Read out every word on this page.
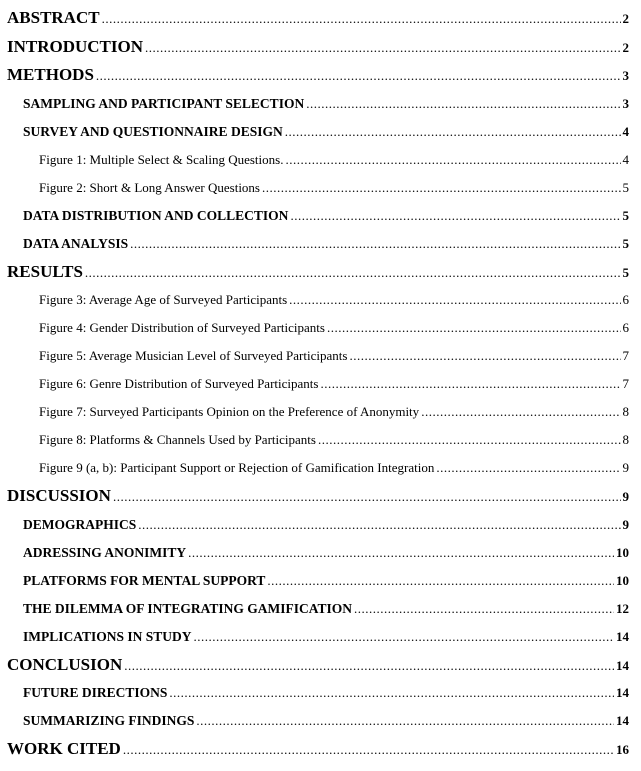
ABSTRACT .....	2
INTRODUCTION .....	2
METHODS .....	3
SAMPLING AND PARTICIPANT SELECTION .....	3
SURVEY AND QUESTIONNAIRE DESIGN .....	4
Figure 1: Multiple Select & Scaling Questions. .....	4
Figure 2: Short & Long Answer Questions .....	5
DATA DISTRIBUTION AND COLLECTION .....	5
DATA ANALYSIS .....	5
RESULTS .....	5
Figure 3: Average Age of Surveyed Participants .....	6
Figure 4: Gender Distribution of Surveyed Participants .....	6
Figure 5: Average Musician Level of Surveyed Participants .....	7
Figure 6: Genre Distribution of Surveyed Participants .....	7
Figure 7: Surveyed Participants Opinion on the Preference of Anonymity .....	8
Figure 8: Platforms & Channels Used by Participants .....	8
Figure 9 (a, b): Participant Support or Rejection of Gamification Integration .....	9
DISCUSSION .....	9
DEMOGRAPHICS .....	9
ADRESSING ANONIMITY .....	10
PLATFORMS FOR MENTAL SUPPORT .....	10
THE DILEMMA OF INTEGRATING GAMIFICATION .....	12
IMPLICATIONS IN STUDY .....	14
CONCLUSION .....	14
FUTURE DIRECTIONS .....	14
SUMMARIZING FINDINGS .....	14
WORK CITED .....	16
